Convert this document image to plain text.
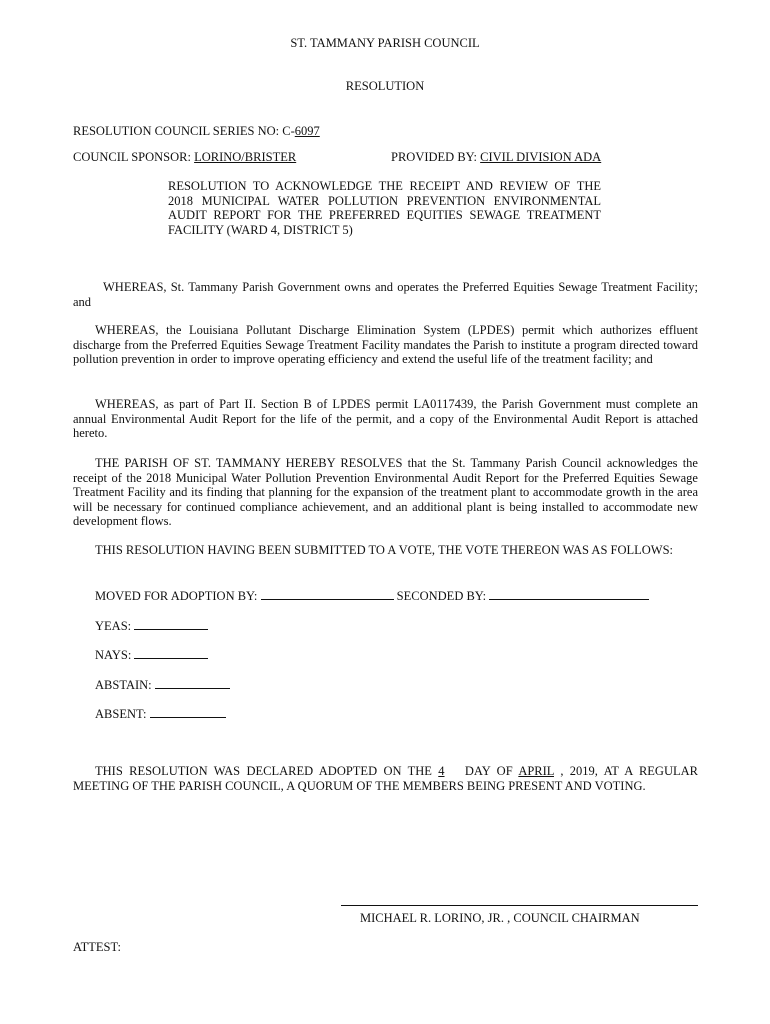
ST. TAMMANY PARISH COUNCIL
RESOLUTION
RESOLUTION COUNCIL SERIES NO: C-6097
COUNCIL SPONSOR: LORINO/BRISTER	PROVIDED BY: CIVIL DIVISION ADA
RESOLUTION TO ACKNOWLEDGE THE RECEIPT AND REVIEW OF THE 2018 MUNICIPAL WATER POLLUTION PREVENTION ENVIRONMENTAL AUDIT REPORT FOR THE PREFERRED EQUITIES SEWAGE TREATMENT FACILITY (WARD 4, DISTRICT 5)
WHEREAS, St. Tammany Parish Government owns and operates the Preferred Equities Sewage Treatment Facility; and
WHEREAS, the Louisiana Pollutant Discharge Elimination System (LPDES) permit which authorizes effluent discharge from the Preferred Equities Sewage Treatment Facility mandates the Parish to institute a program directed toward pollution prevention in order to improve operating efficiency and extend the useful life of the treatment facility; and
WHEREAS, as part of Part II. Section B of LPDES permit LA0117439, the Parish Government must complete an annual Environmental Audit Report for the life of the permit, and a copy of the Environmental Audit Report is attached hereto.
THE PARISH OF ST. TAMMANY HEREBY RESOLVES that the St. Tammany Parish Council acknowledges the receipt of the 2018 Municipal Water Pollution Prevention Environmental Audit Report for the Preferred Equities Sewage Treatment Facility and its finding that planning for the expansion of the treatment plant to accommodate growth in the area will be necessary for continued compliance achievement, and an additional plant is being installed to accommodate new development flows.
THIS RESOLUTION HAVING BEEN SUBMITTED TO A VOTE, THE VOTE THEREON WAS AS FOLLOWS:
MOVED FOR ADOPTION BY:	SECONDED BY:
YEAS:
NAYS:
ABSTAIN:
ABSENT:
THIS RESOLUTION WAS DECLARED ADOPTED ON THE 4 DAY OF APRIL , 2019, AT A REGULAR MEETING OF THE PARISH COUNCIL, A QUORUM OF THE MEMBERS BEING PRESENT AND VOTING.
MICHAEL R. LORINO, JR. , COUNCIL CHAIRMAN
ATTEST:
